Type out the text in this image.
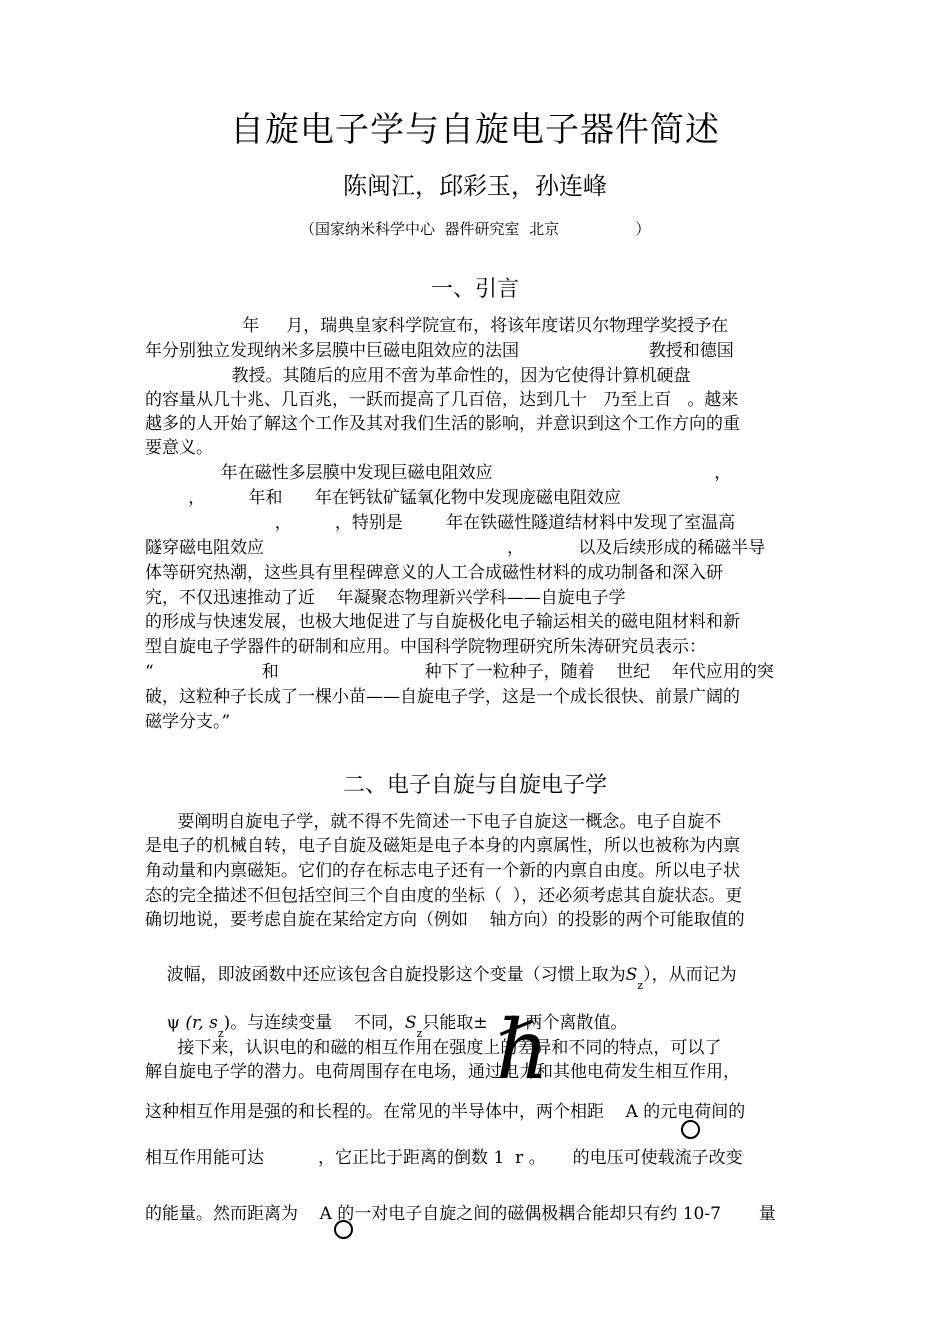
自旋电子学与自旋电子器件简述
陈闽江，邱彩玉，孙连峰
（国家纳米科学中心  器件研究室  北京                ）
一、引言
年     月，瑞典皇家科学院宣布，将该年度诺贝尔物理学奖授予在
年分别独立发现纳米多层膜中巨磁电阻效应的法国                        教授和德国
教授。其随后的应用不啻为革命性的，因为它使得计算机硬盘
的容量从几十兆、几百兆，一跃而提高了几百倍，达到几十   乃至上百   。越来
越多的人开始了解这个工作及其对我们生活的影响，并意识到这个工作方向的重
要意义。
年在磁性多层膜中发现巨磁电阻效应                                         ，
，        年和      年在钙钛矿锰氧化物中发现庞磁电阻效应
，        ，特别是        年在铁磁性隧道结材料中发现了室温高
隧穿磁电阻效应                                             ，          以及后续形成的稀磁半导
体等研究热潮，这些具有里程碑意义的人工合成磁性材料的成功制备和深入研
究，不仅迅速推动了近    年凝聚态物理新兴学科——自旋电子学
的形成与快速发展，也极大地促进了与自旋极化电子输运相关的磁电阻材料和新
型自旋电子学器件的研制和应用。中国科学院物理研究所朱涛研究员表示：
“                    和                           种下了一粒种子，随着    世纪    年代应用的突
破，这粒种子长成了一棵小苗——自旋电子学，这是一个成长很快、前景广阔的
磁学分支。”
二、电子自旋与自旋电子学
要阐明自旋电子学，就不得不先简述一下电子自旋这一概念。电子自旋不
是电子的机械自转，电子自旋及磁矩是电子本身的内禀属性，所以也被称为内禀
角动量和内禀磁矩。它们的存在标志电子还有一个新的内禀自由度。所以电子状
态的完全描述不但包括空间三个自由度的坐标（  ），还必须考虑其自旋状态。更
确切地说，要考虑自旋在某给定方向（例如    轴方向）的投影的两个可能取值的

波幅，即波函数中还应该包含自旋投影这个变量（习惯上取为$S_z$），从而记为

ψ (r, $s_z$)。与连续变量    不同，$S_z$只能取±    2 两个离散值。

ℏ
接下来，认识电的和磁的相互作用在强度上的差异和不同的特点，可以了
解自旋电子学的潜力。电荷周围存在电场，通过电力和其他电荷发生相互作用，
这种相互作用是强的和长程的。在常见的半导体中，两个相距    A 的元电荷间的
相互作用能可达          ，它正比于距离的倒数 1  r 。     的电压可使载流子改变
的能量。然而距离为    A 的一对电子自旋之间的磁偶极耦合能却只有约 10-7       量
